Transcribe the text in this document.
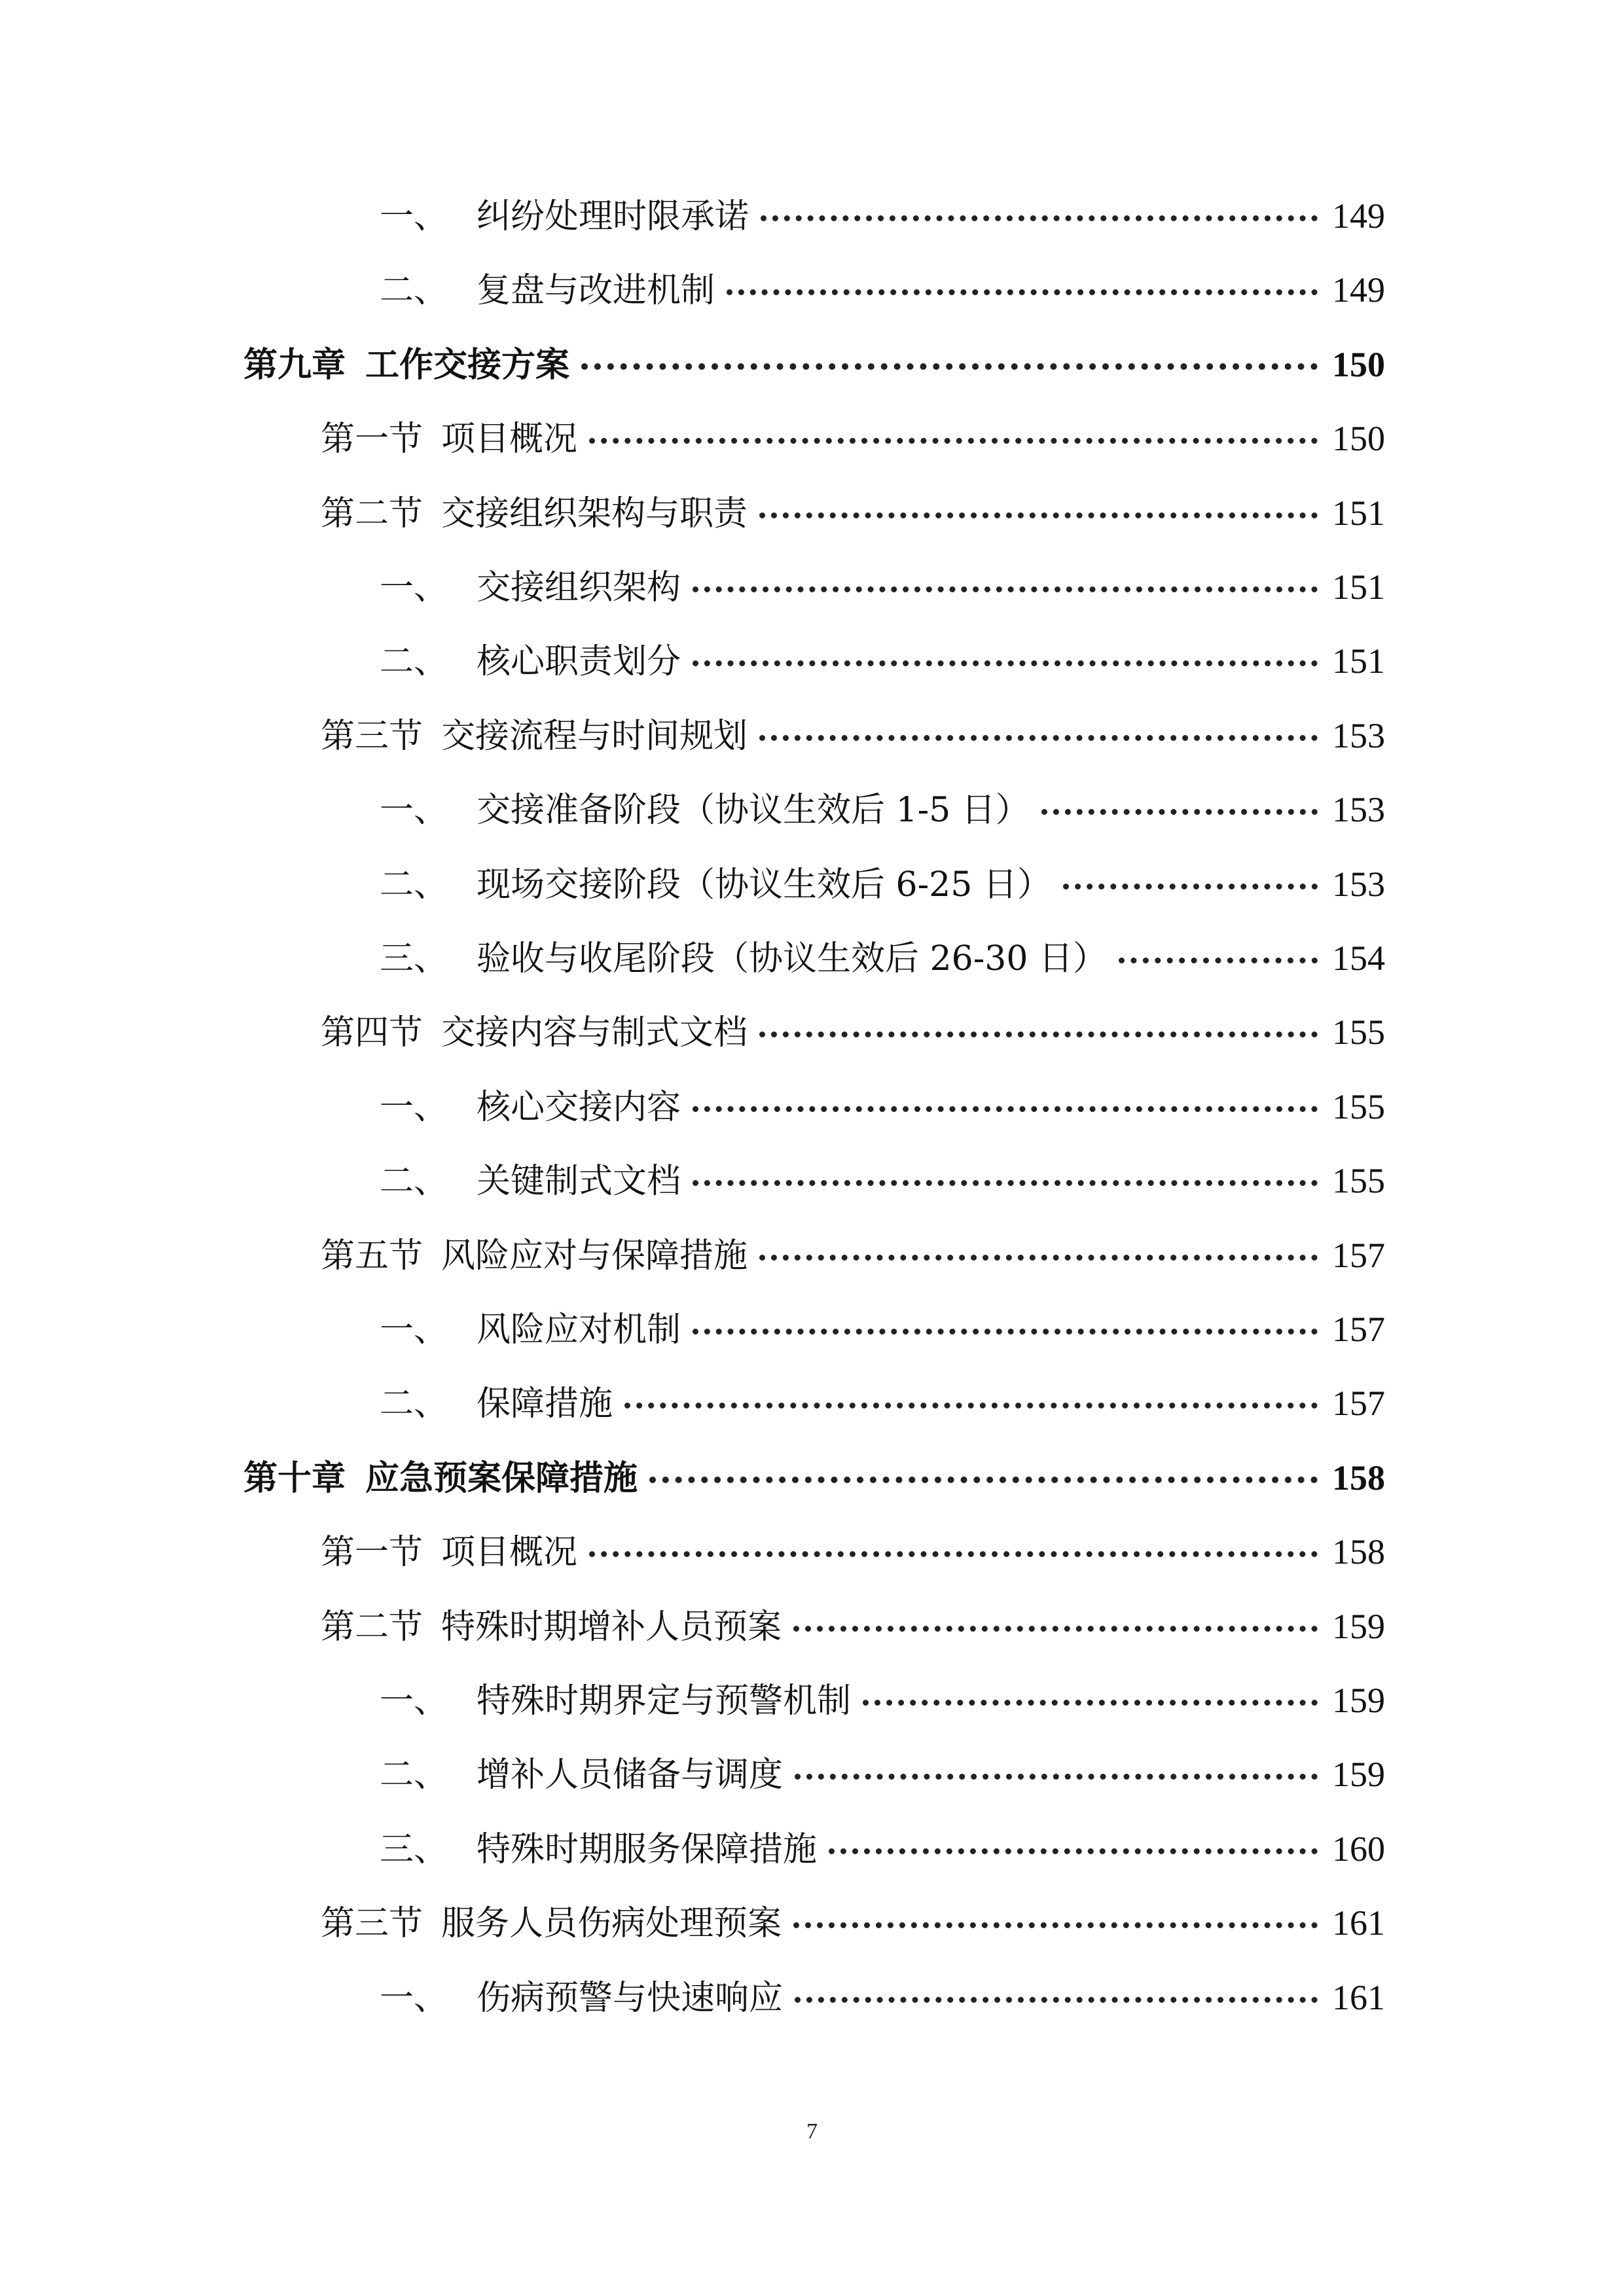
一、 纠纷处理时限承诺	149
二、 复盘与改进机制	149
第九章 工作交接方案	150
第一节 项目概况	150
第二节 交接组织架构与职责	151
一、 交接组织架构	151
二、 核心职责划分	151
第三节 交接流程与时间规划	153
一、 交接准备阶段（协议生效后 1-5 日）	153
二、 现场交接阶段（协议生效后 6-25 日）	153
三、 验收与收尾阶段（协议生效后 26-30 日）	154
第四节 交接内容与制式文档	155
一、 核心交接内容	155
二、 关键制式文档	155
第五节 风险应对与保障措施	157
一、 风险应对机制	157
二、 保障措施	157
第十章 应急预案保障措施	158
第一节 项目概况	158
第二节 特殊时期增补人员预案	159
一、 特殊时期界定与预警机制	159
二、 增补人员储备与调度	159
三、 特殊时期服务保障措施	160
第三节 服务人员伤病处理预案	161
一、 伤病预警与快速响应	161
7
